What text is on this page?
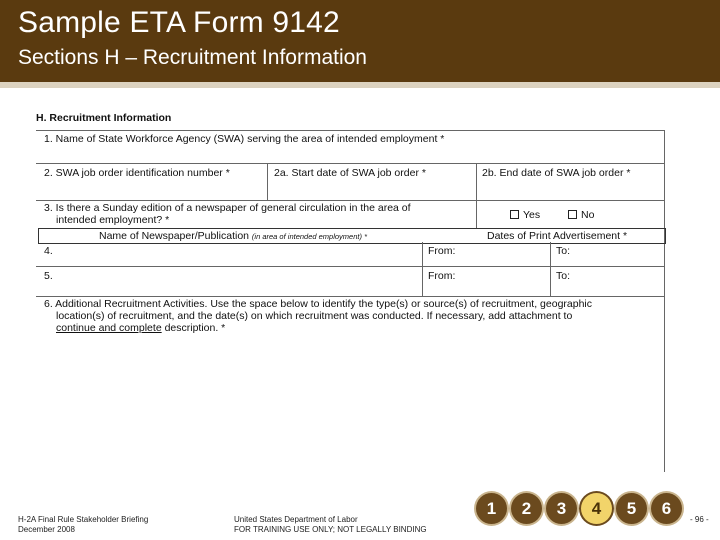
Sample ETA Form 9142
Sections H – Recruitment Information
H. Recruitment Information
1. Name of State Workforce Agency (SWA) serving the area of intended employment *
2. SWA job order identification number *	2a. Start date of SWA job order *	2b. End date of SWA job order *
3. Is there a Sunday edition of a newspaper of general circulation in the area of
intended employment? *	Yes	No
Name of Newspaper/Publication (in area of intended employment) *	Dates of Print Advertisement *
4.	From:	To:
5.	From:	To:
6. Additional Recruitment Activities. Use the space below to identify the type(s) or source(s) of recruitment, geographic
location(s) of recruitment, and the date(s) on which recruitment was conducted. If necessary, add attachment to
continue and complete description. *
H-2A Final Rule Stakeholder Briefing
December 2008
United States Department of Labor
FOR TRAINING USE ONLY; NOT LEGALLY BINDING
- 96 -
1	2	3	4	5	6
